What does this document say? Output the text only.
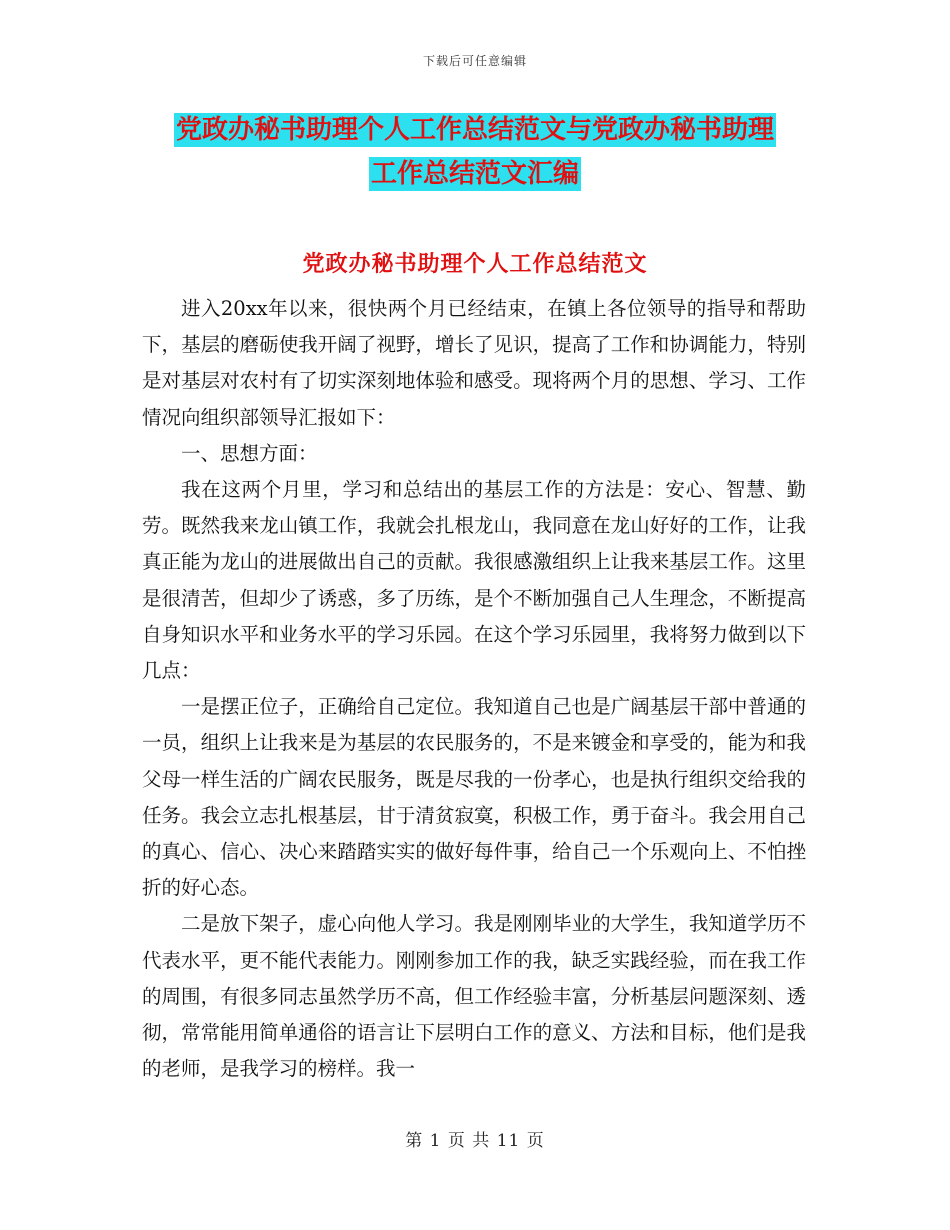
下载后可任意编辑
党政办秘书助理个人工作总结范文与党政办秘书助理
工作总结范文汇编
党政办秘书助理个人工作总结范文

进入20xx年以来，很快两个月已经结束，在镇上各位领导的指导和帮助下，基层的磨砺使我开阔了视野，增长了见识，提高了工作和协调能力，特别是对基层对农村有了切实深刻地体验和感受。现将两个月的思想、学习、工作情况向组织部领导汇报如下：

一、思想方面：

我在这两个月里，学习和总结出的基层工作的方法是：安心、智慧、勤劳。既然我来龙山镇工作，我就会扎根龙山，我同意在龙山好好的工作，让我真正能为龙山的进展做出自己的贡献。我很感激组织上让我来基层工作。这里是很清苦，但却少了诱惑，多了历练，是个不断加强自己人生理念，不断提高自身知识水平和业务水平的学习乐园。在这个学习乐园里，我将努力做到以下几点：

一是摆正位子，正确给自己定位。我知道自己也是广阔基层干部中普通的一员，组织上让我来是为基层的农民服务的，不是来镀金和享受的，能为和我父母一样生活的广阔农民服务，既是尽我的一份孝心，也是执行组织交给我的任务。我会立志扎根基层，甘于清贫寂寞，积极工作，勇于奋斗。我会用自己的真心、信心、决心来踏踏实实的做好每件事，给自己一个乐观向上、不怕挫折的好心态。

二是放下架子，虚心向他人学习。我是刚刚毕业的大学生，我知道学历不代表水平，更不能代表能力。刚刚参加工作的我，缺乏实践经验，而在我工作的周围，有很多同志虽然学历不高，但工作经验丰富，分析基层问题深刻、透彻，常常能用简单通俗的语言让下层明白工作的意义、方法和目标，他们是我的老师，是我学习的榜样。我一

第 1 页 共 11 页
